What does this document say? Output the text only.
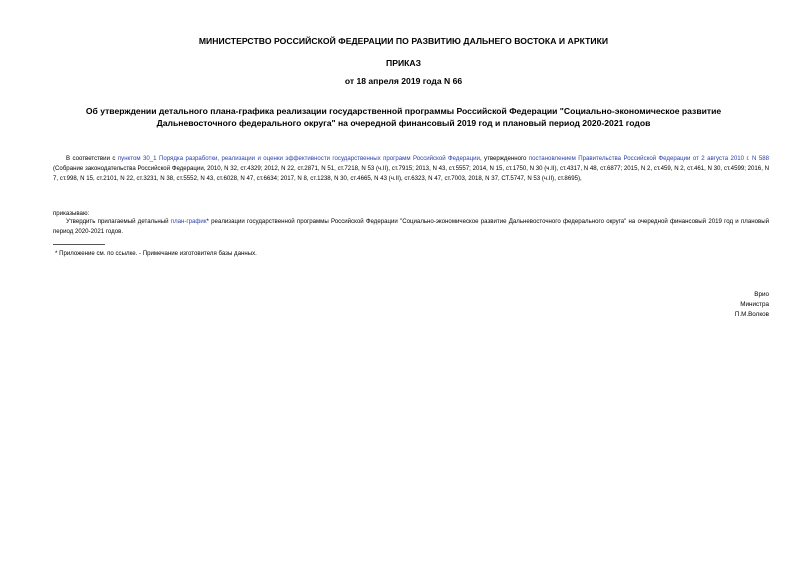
МИНИСТЕРСТВО РОССИЙСКОЙ ФЕДЕРАЦИИ ПО РАЗВИТИЮ ДАЛЬНЕГО ВОСТОКА И АРКТИКИ
ПРИКАЗ
от 18 апреля 2019 года N 66
Об утверждении детального плана-графика реализации государственной программы Российской Федерации "Социально-экономическое развитие
Дальневосточного федерального округа" на очередной финансовый 2019 год и плановый период 2020-2021 годов
В соответствии с пунктом 30_1 Порядка разработки, реализации и оценки эффективности государственных программ Российской Федерации, утвержденного постановлением Правительства Российской Федерации от 2 августа 2010 г. N 588 (Собрание законодательства Российской Федерации, 2010, N 32, ст.4329; 2012, N 22, ст.2871, N 51, ст.7218, N 53 (ч.II), ст.7915; 2013, N 43, ст.5557; 2014, N 15, ст.1750, N 30 (ч.II), ст.4317, N 48, ст.6877; 2015, N 2, ст.459, N 2, ст.461, N 30, ст.4599; 2016, N 7, ст.998, N 15, ст.2101, N 22, ст.3231, N 38, ст.5552, N 43, ст.6028, N 47, ст.6634; 2017, N 8, ст.1238, N 30, ст.4665, N 43 (ч.II), ст.6323, N 47, ст.7003, 2018, N 37, СТ.5747, N 53 (ч.II), ст.8695),
приказываю:
Утвердить прилагаемый детальный план-график* реализации государственной программы Российской Федерации "Социально-экономическое развитие Дальневосточного федерального округа" на очередной финансовый 2019 год и плановый период 2020-2021 годов.
* Приложение см. по ссылке. - Примечание изготовителя базы данных.
Врио
Министра
П.М.Волков
